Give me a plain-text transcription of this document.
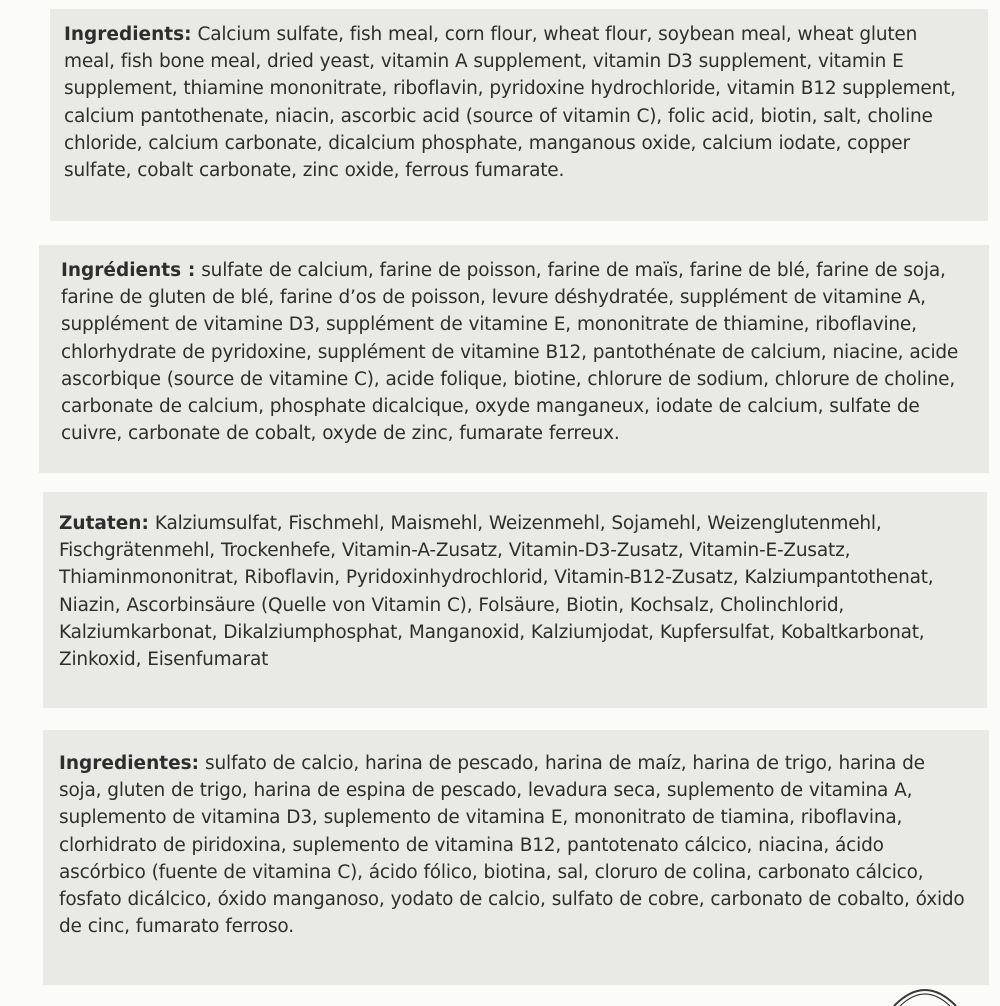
Ingredients: Calcium sulfate, fish meal, corn flour, wheat flour, soybean meal, wheat gluten meal, fish bone meal, dried yeast, vitamin A supplement, vitamin D3 supplement, vitamin E supplement, thiamine mononitrate, riboflavin, pyridoxine hydrochloride, vitamin B12 supplement, calcium pantothenate, niacin, ascorbic acid (source of vitamin C), folic acid, biotin, salt, choline chloride, calcium carbonate, dicalcium phosphate, manganous oxide, calcium iodate, copper sulfate, cobalt carbonate, zinc oxide, ferrous fumarate.
Ingrédients : sulfate de calcium, farine de poisson, farine de maïs, farine de blé, farine de soja, farine de gluten de blé, farine d’os de poisson, levure déshydratée, supplément de vitamine A, supplément de vitamine D3, supplément de vitamine E, mononitrate de thiamine, riboflavine, chlorhydrate de pyridoxine, supplément de vitamine B12, pantothénate de calcium, niacine, acide ascorbique (source de vitamine C), acide folique, biotine, chlorure de sodium, chlorure de choline, carbonate de calcium, phosphate dicalcique, oxyde manganeux, iodate de calcium, sulfate de cuivre, carbonate de cobalt, oxyde de zinc, fumarate ferreux.
Zutaten: Kalziumsulfat, Fischmehl, Maismehl, Weizenmehl, Sojamehl, Weizenglutenmehl, Fischgrätenmehl, Trockenhefe, Vitamin-A-Zusatz, Vitamin-D3-Zusatz, Vitamin-E-Zusatz, Thiaminmononitrat, Riboflavin, Pyridoxinhydrochlorid, Vitamin-B12-Zusatz, Kalziumpantothenat, Niazin, Ascorbinsäure (Quelle von Vitamin C), Folsäure, Biotin, Kochsalz, Cholinchlorid, Kalziumkarbonat, Dikalziumphosphat, Manganoxid, Kalziumjodat, Kupfersulfat, Kobaltkarbonat, Zinkoxid, Eisenfumarat
Ingredientes: sulfato de calcio, harina de pescado, harina de maíz, harina de trigo, harina de soja, gluten de trigo, harina de espina de pescado, levadura seca, suplemento de vitamina A, suplemento de vitamina D3, suplemento de vitamina E, mononitrato de tiamina, riboflavina, clorhidrato de piridoxina, suplemento de vitamina B12, pantotenato cálcico, niacina, ácido ascórbico (fuente de vitamina C), ácido fólico, biotina, sal, cloruro de colina, carbonato cálcico, fosfato dicálcico, óxido manganoso, yodato de calcio, sulfato de cobre, carbonato de cobalto, óxido de cinc, fumarato ferroso.
